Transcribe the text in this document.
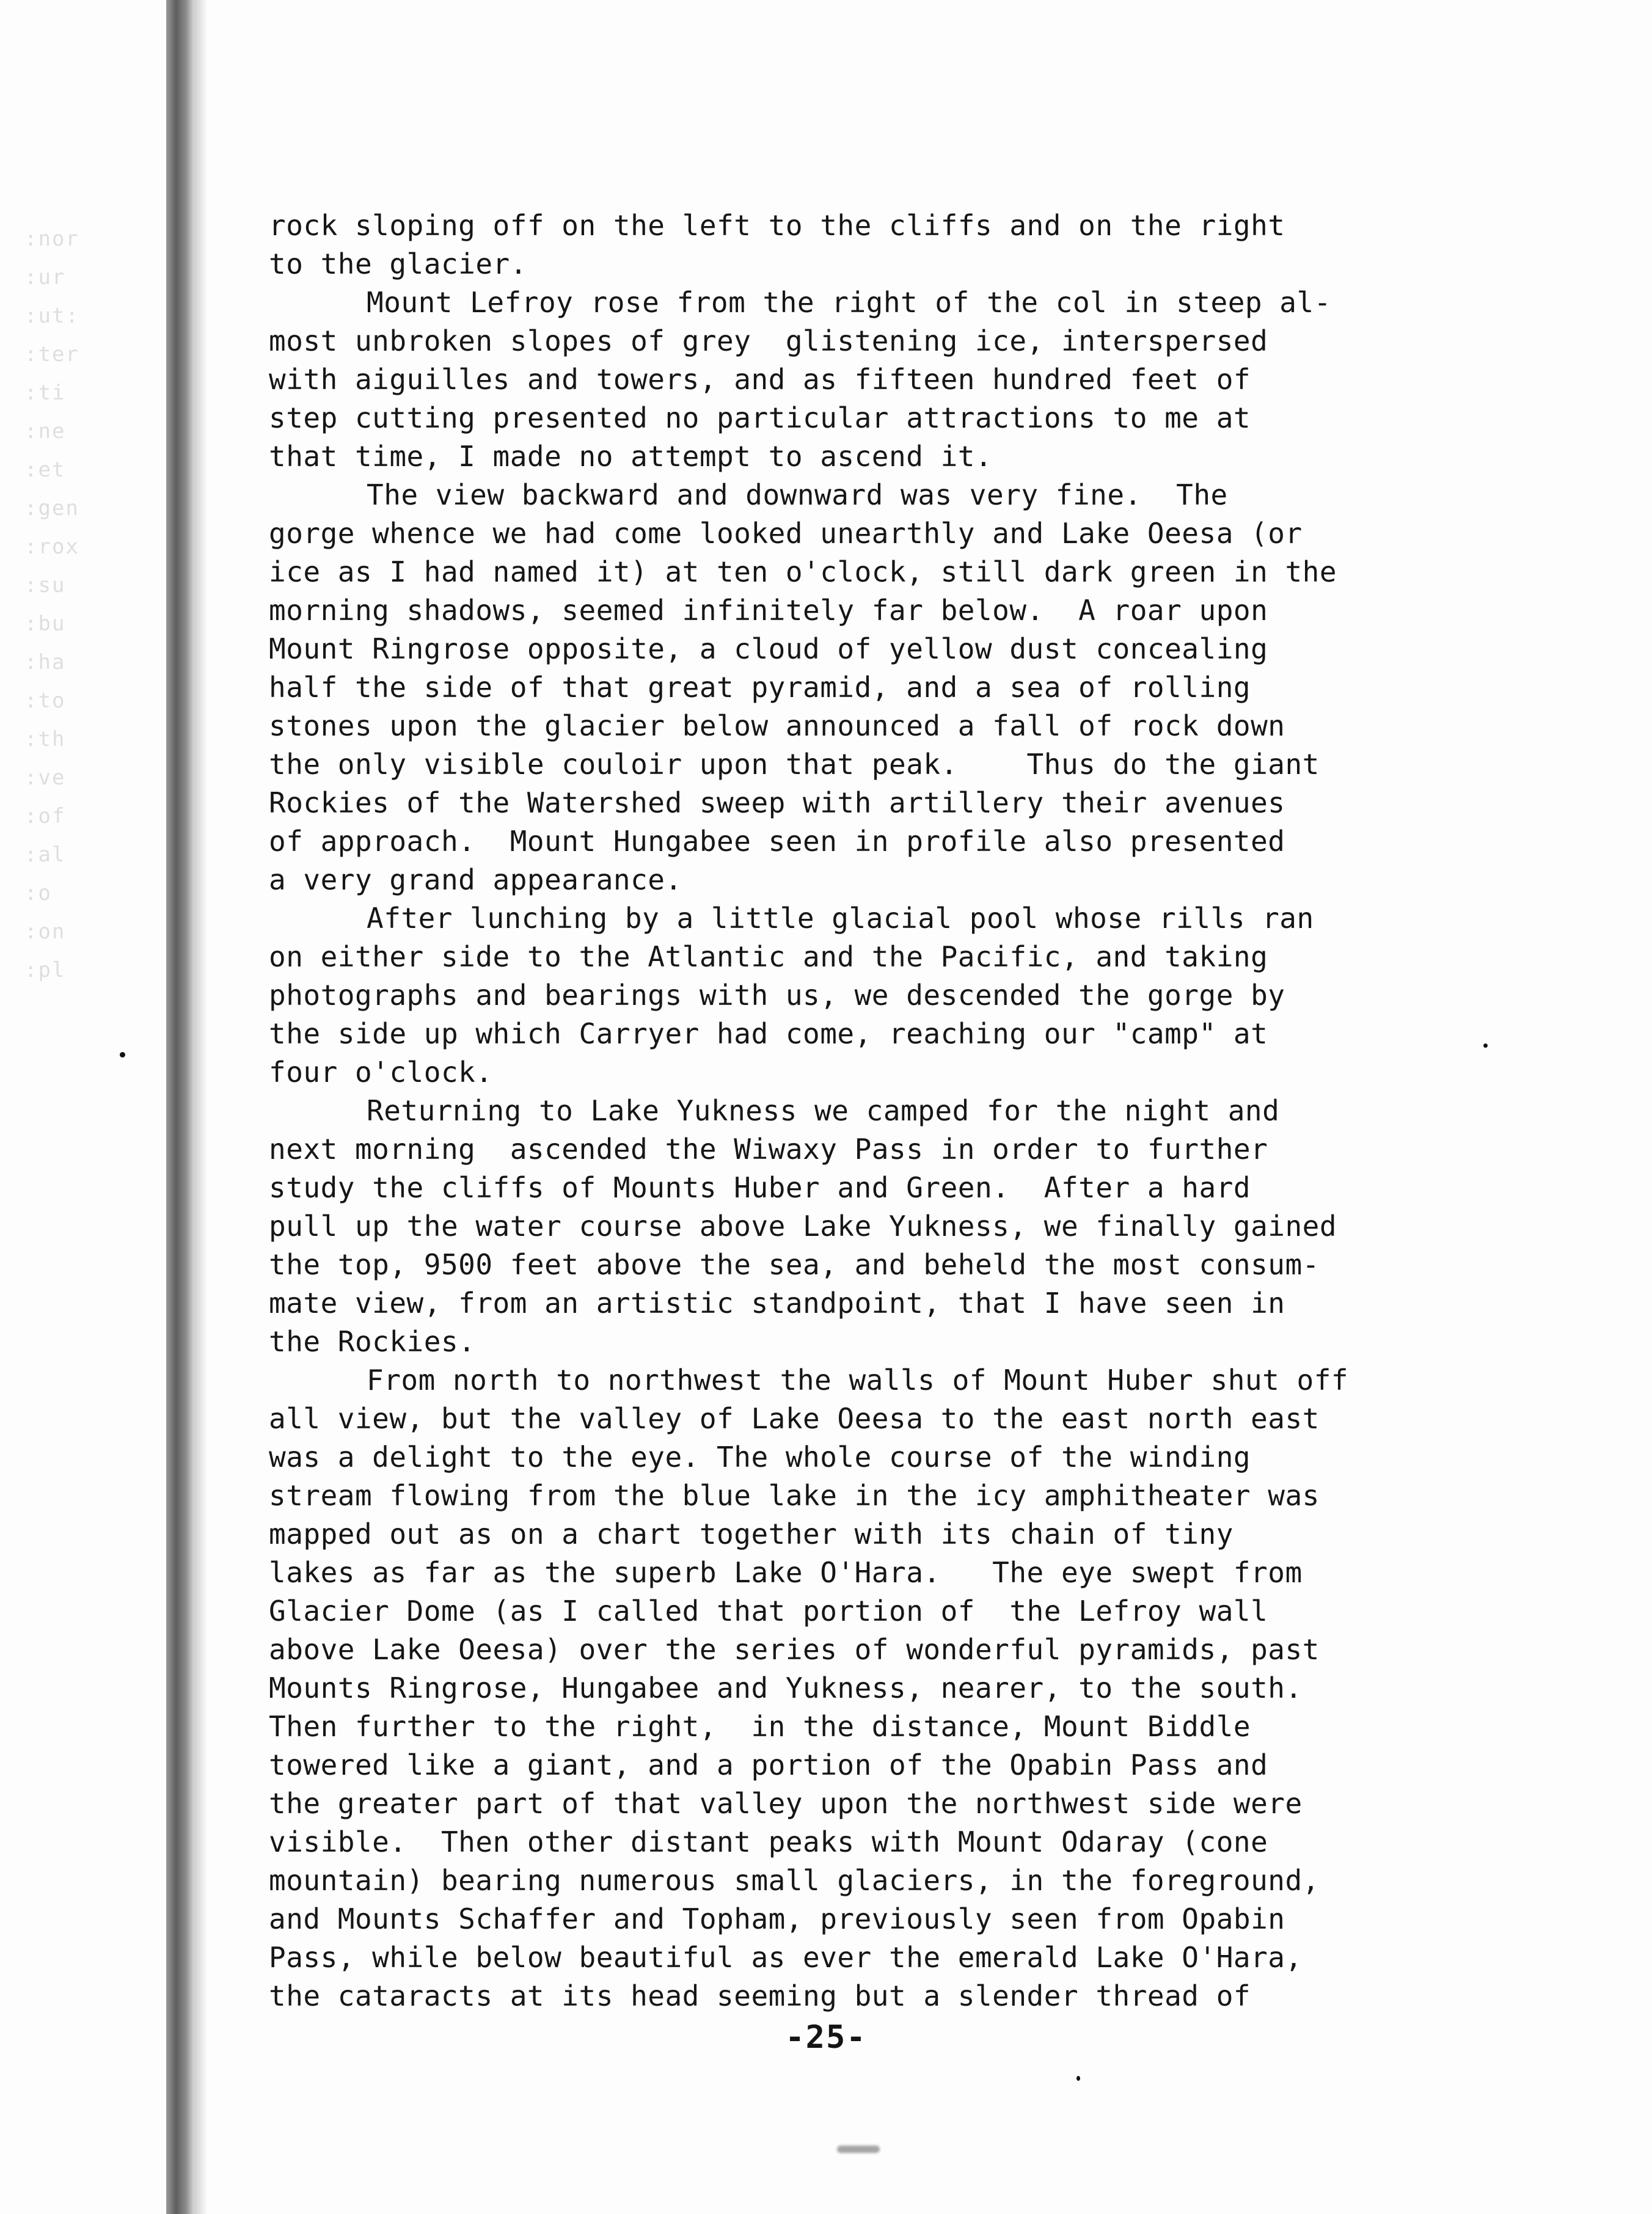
:nor
:ur
:ut:
:ter
:ti
:ne
:et
:gen
:rox
:su
:bu
:ha
:to
:th
:ve
:of
:al
:o
:on
:pl
rock sloping off on the left to the cliffs and on the right
to the glacier.
Mount Lefroy rose from the right of the col in steep al-
most unbroken slopes of grey  glistening ice, interspersed
with aiguilles and towers, and as fifteen hundred feet of
step cutting presented no particular attractions to me at
that time, I made no attempt to ascend it.
The view backward and downward was very fine.  The
gorge whence we had come looked unearthly and Lake Oeesa (or
ice as I had named it) at ten o'clock, still dark green in the
morning shadows, seemed infinitely far below.  A roar upon
Mount Ringrose opposite, a cloud of yellow dust concealing
half the side of that great pyramid, and a sea of rolling
stones upon the glacier below announced a fall of rock down
the only visible couloir upon that peak.    Thus do the giant
Rockies of the Watershed sweep with artillery their avenues
of approach.  Mount Hungabee seen in profile also presented
a very grand appearance.
After lunching by a little glacial pool whose rills ran
on either side to the Atlantic and the Pacific, and taking
photographs and bearings with us, we descended the gorge by
the side up which Carryer had come, reaching our "camp" at
four o'clock.
Returning to Lake Yukness we camped for the night and
next morning  ascended the Wiwaxy Pass in order to further
study the cliffs of Mounts Huber and Green.  After a hard
pull up the water course above Lake Yukness, we finally gained
the top, 9500 feet above the sea, and beheld the most consum-
mate view, from an artistic standpoint, that I have seen in
the Rockies.
From north to northwest the walls of Mount Huber shut off
all view, but the valley of Lake Oeesa to the east north east
was a delight to the eye. The whole course of the winding
stream flowing from the blue lake in the icy amphitheater was
mapped out as on a chart together with its chain of tiny
lakes as far as the superb Lake O'Hara.   The eye swept from
Glacier Dome (as I called that portion of  the Lefroy wall
above Lake Oeesa) over the series of wonderful pyramids, past
Mounts Ringrose, Hungabee and Yukness, nearer, to the south.
Then further to the right,  in the distance, Mount Biddle
towered like a giant, and a portion of the Opabin Pass and
the greater part of that valley upon the northwest side were
visible.  Then other distant peaks with Mount Odaray (cone
mountain) bearing numerous small glaciers, in the foreground,
and Mounts Schaffer and Topham, previously seen from Opabin
Pass, while below beautiful as ever the emerald Lake O'Hara,
the cataracts at its head seeming but a slender thread of
-25-
